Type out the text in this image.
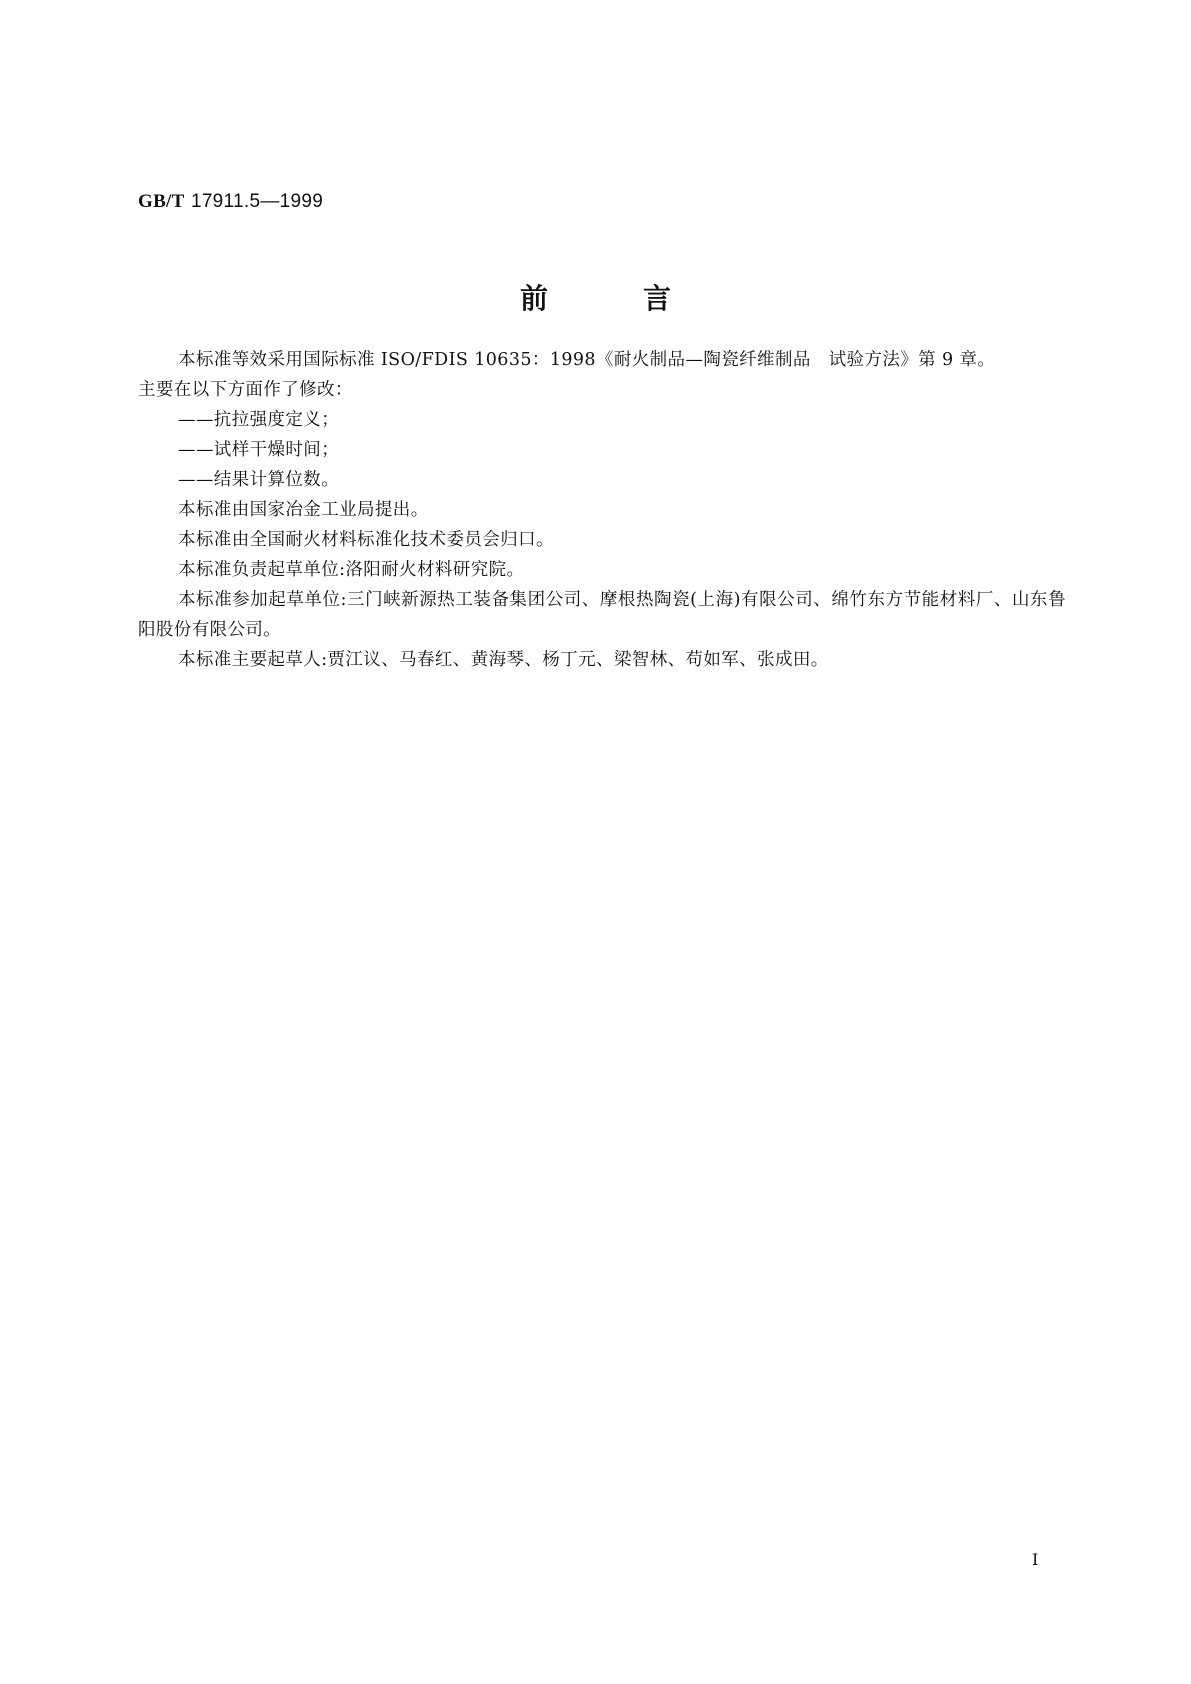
GB/T 17911.5—1999
前言

本标准等效采用国际标准 ISO/FDIS 10635：1998《耐火制品—陶瓷纤维制品　试验方法》第 9 章。

主要在以下方面作了修改：

——抗拉强度定义；

——试样干燥时间；

——结果计算位数。

本标准由国家冶金工业局提出。

本标准由全国耐火材料标准化技术委员会归口。

本标准负责起草单位:洛阳耐火材料研究院。

本标准参加起草单位:三门峡新源热工装备集团公司、摩根热陶瓷(上海)有限公司、绵竹东方节能材料厂、山东鲁阳股份有限公司。

本标准主要起草人:贾江议、马春红、黄海琴、杨丁元、梁智林、苟如军、张成田。

I
